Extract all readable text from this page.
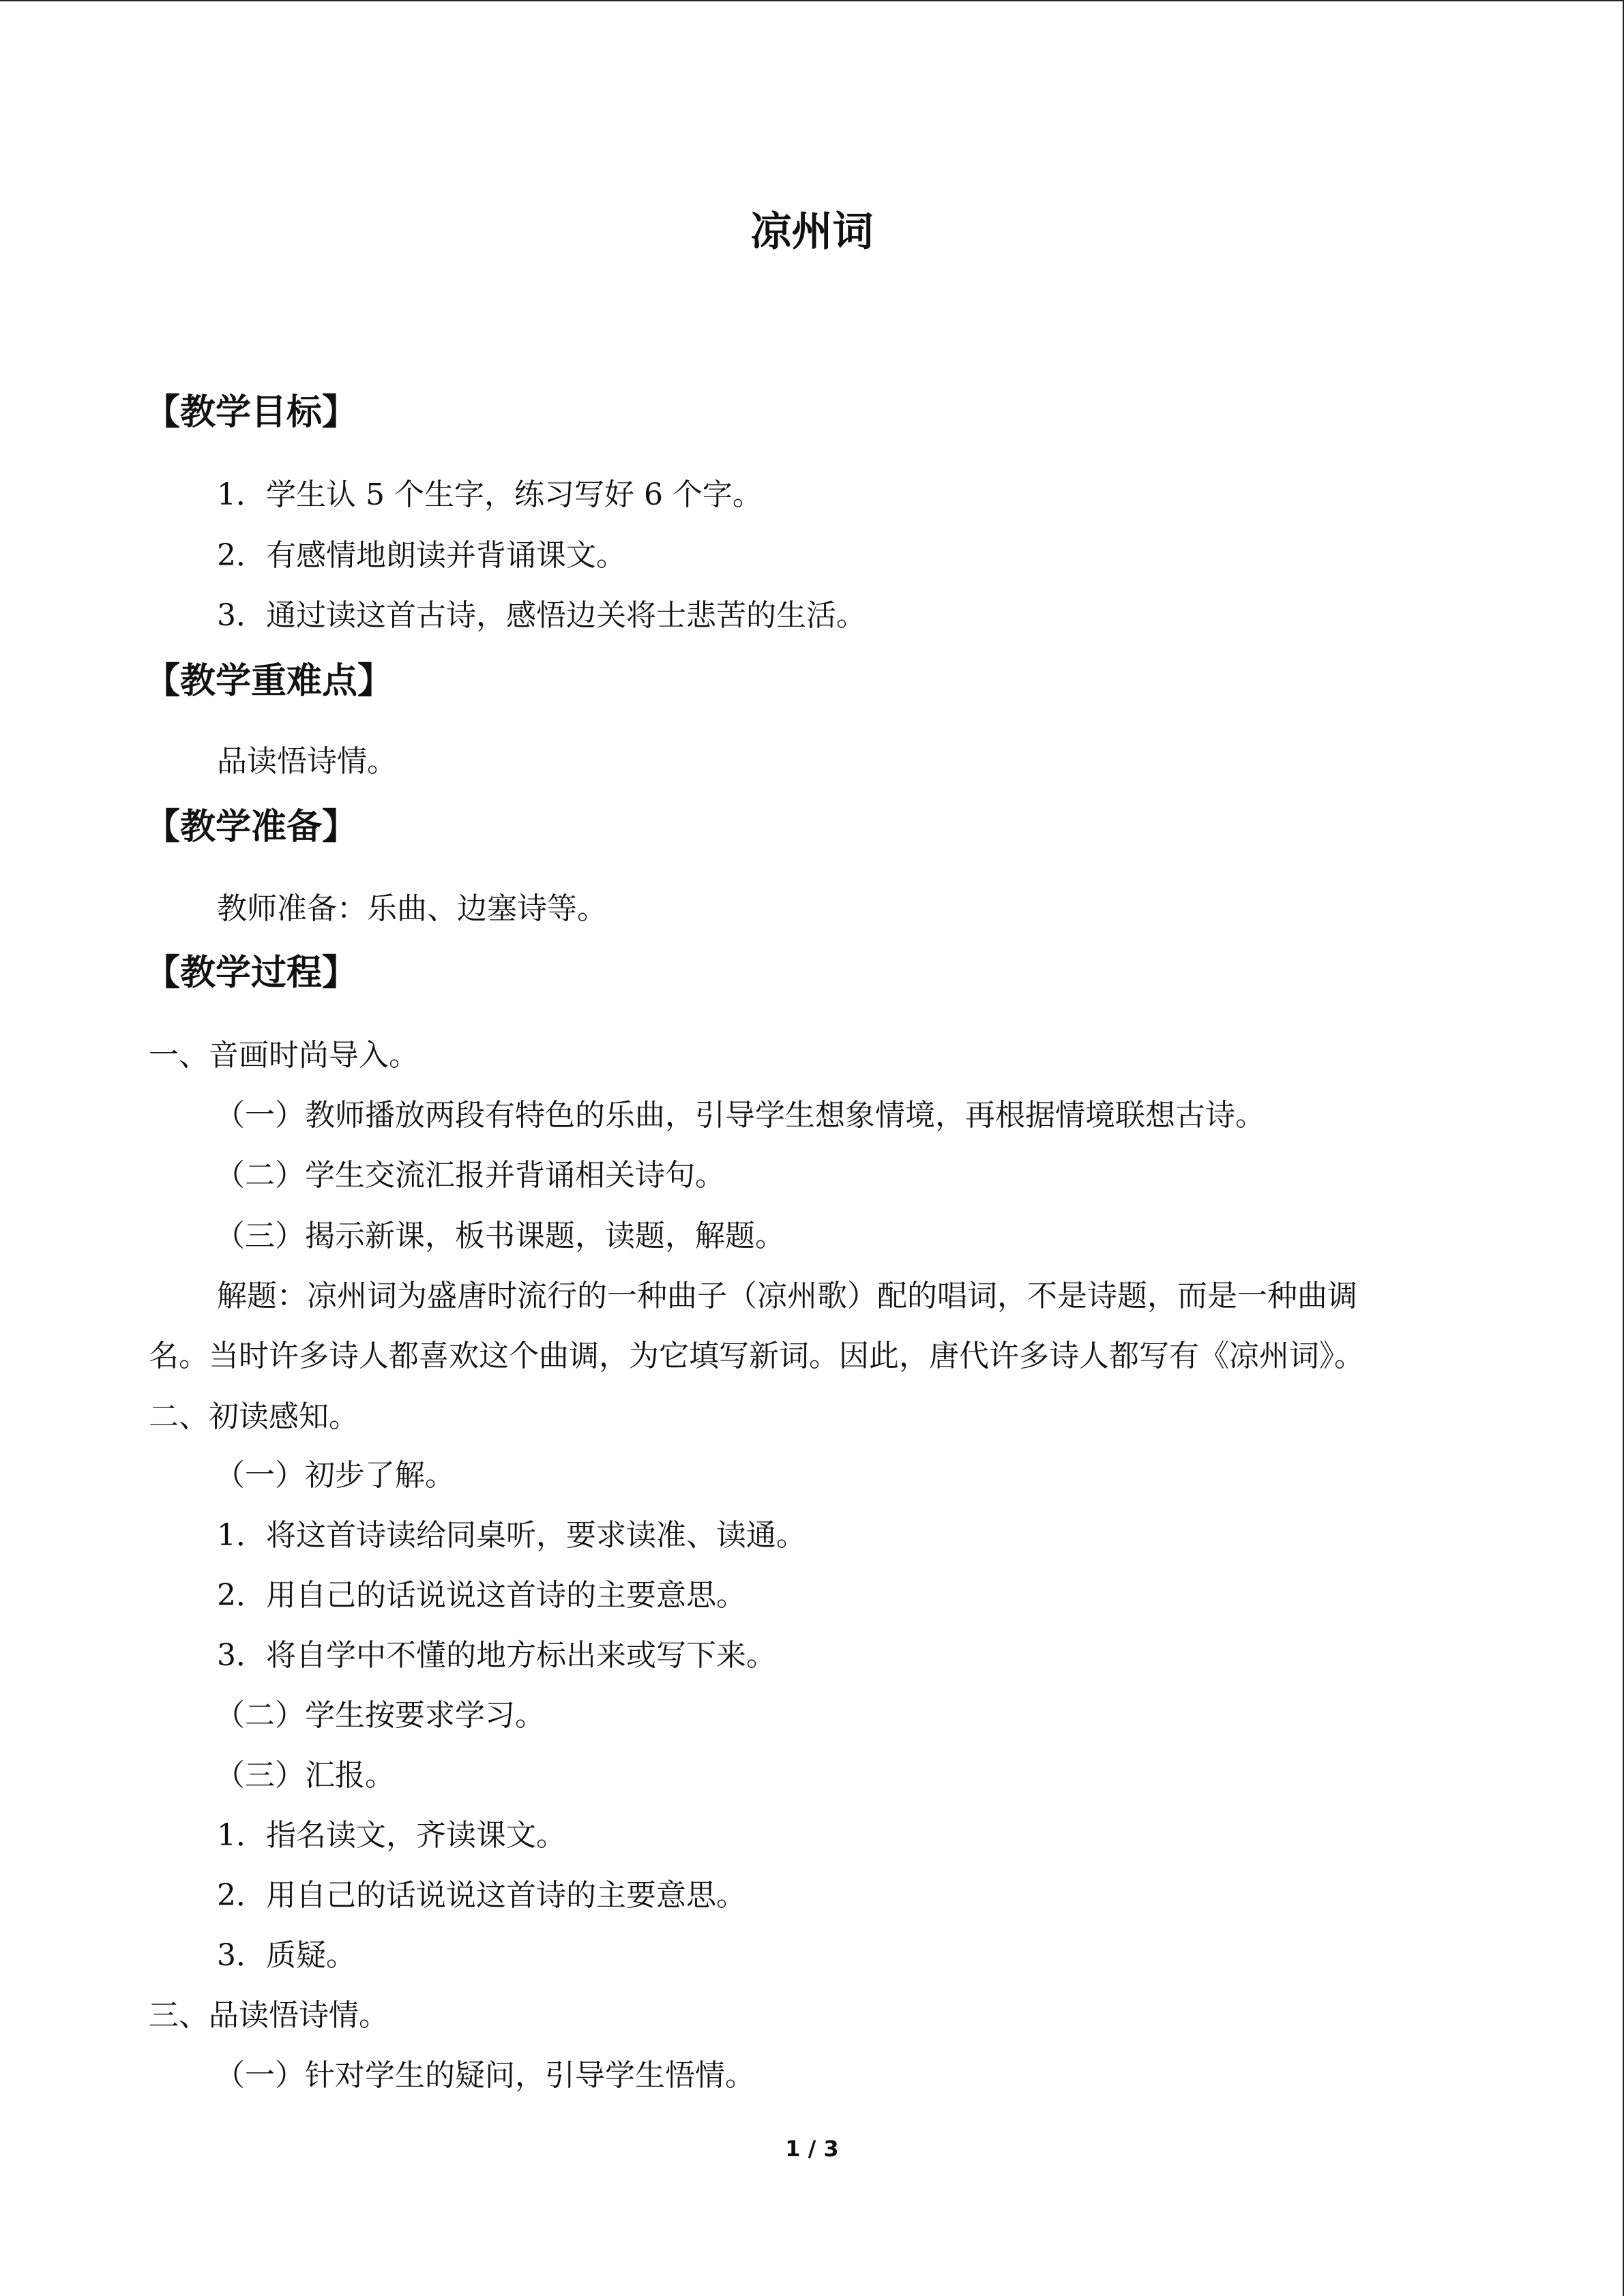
凉州词
【教学目标】
1．学生认 5 个生字，练习写好 6 个字。
2．有感情地朗读并背诵课文。
3．通过读这首古诗，感悟边关将士悲苦的生活。
【教学重难点】
品读悟诗情。
【教学准备】
教师准备：乐曲、边塞诗等。
【教学过程】
一、音画时尚导入。
（一）教师播放两段有特色的乐曲，引导学生想象情境，再根据情境联想古诗。
（二）学生交流汇报并背诵相关诗句。
（三）揭示新课，板书课题，读题，解题。
解题：凉州词为盛唐时流行的一种曲子（凉州歌）配的唱词，不是诗题，而是一种曲调
名。当时许多诗人都喜欢这个曲调，为它填写新词。因此，唐代许多诗人都写有《凉州词》。
二、初读感知。
（一）初步了解。
1．将这首诗读给同桌听，要求读准、读通。
2．用自己的话说说这首诗的主要意思。
3．将自学中不懂的地方标出来或写下来。
（二）学生按要求学习。
（三）汇报。
1．指名读文，齐读课文。
2．用自己的话说说这首诗的主要意思。
3．质疑。
三、品读悟诗情。
（一）针对学生的疑问，引导学生悟情。
1 / 3
